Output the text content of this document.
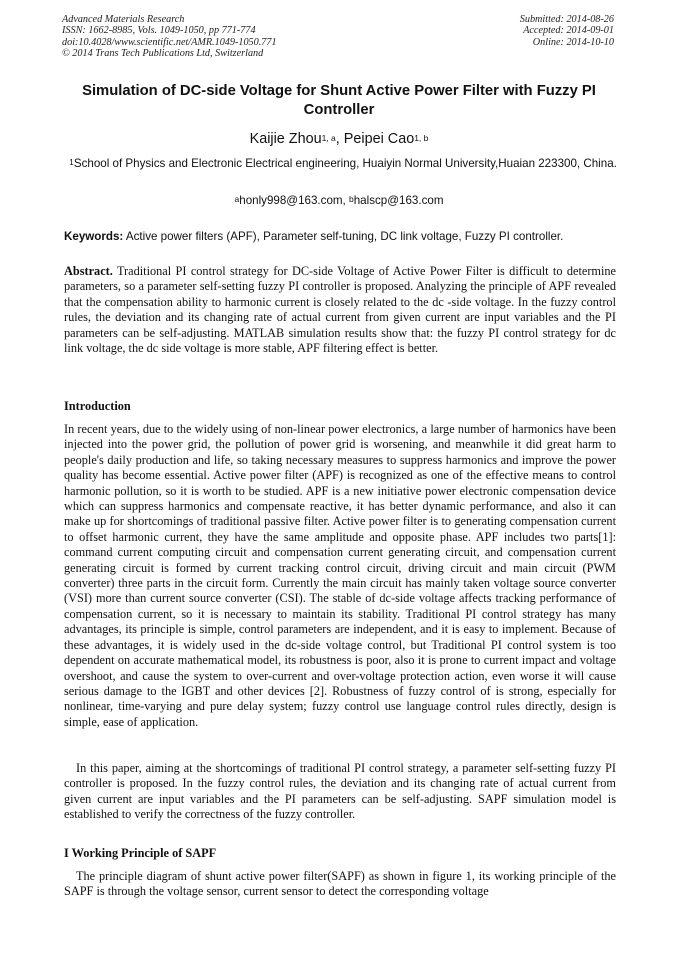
Advanced Materials Research
ISSN: 1662-8985, Vols. 1049-1050, pp 771-774
doi:10.4028/www.scientific.net/AMR.1049-1050.771
© 2014 Trans Tech Publications Ltd, Switzerland
Submitted: 2014-08-26
Accepted: 2014-09-01
Online: 2014-10-10
Simulation of DC-side Voltage for Shunt Active Power Filter with Fuzzy PI Controller
Kaijie Zhou$^{1, a}$, Peipei Cao$^{1, b}$
$^1$School of Physics and Electronic Electrical engineering, Huaiyin Normal University,Huaian 223300, China.
$^a$honly998@163.com, $^b$halscp@163.com
Keywords: Active power filters (APF), Parameter self-tuning, DC link voltage, Fuzzy PI controller.
Abstract. Traditional PI control strategy for DC-side Voltage of Active Power Filter is difficult to determine parameters, so a parameter self-setting fuzzy PI controller is proposed. Analyzing the principle of APF revealed that the compensation ability to harmonic current is closely related to the dc -side voltage. In the fuzzy control rules, the deviation and its changing rate of actual current from given current are input variables and the PI parameters can be self-adjusting. MATLAB simulation results show that: the fuzzy PI control strategy for dc link voltage, the dc side voltage is more stable, APF filtering effect is better.
Introduction

In recent years, due to the widely using of non-linear power electronics, a large number of harmonics have been injected into the power grid, the pollution of power grid is worsening, and meanwhile it did great harm to people's daily production and life, so taking necessary measures to suppress harmonics and improve the power quality has become essential. Active power filter (APF) is recognized as one of the effective means to control harmonic pollution, so it is worth to be studied. APF is a new initiative power electronic compensation device which can suppress harmonics and compensate reactive, it has better dynamic performance, and also it can make up for shortcomings of traditional passive filter. Active power filter is to generating compensation current to offset harmonic current, they have the same amplitude and opposite phase. APF includes two parts[1]: command current computing circuit and compensation current generating circuit, and compensation current generating circuit is formed by current tracking control circuit, driving circuit and main circuit (PWM converter) three parts in the circuit form. Currently the main circuit has mainly taken voltage source converter (VSI) more than current source converter (CSI). The stable of dc-side voltage affects tracking performance of compensation current, so it is necessary to maintain its stability. Traditional PI control strategy has many advantages, its principle is simple, control parameters are independent, and it is easy to implement. Because of these advantages, it is widely used in the dc-side voltage control, but Traditional PI control system is too dependent on accurate mathematical model, its robustness is poor, also it is prone to current impact and voltage overshoot, and cause the system to over-current and over-voltage protection action, even worse it will cause serious damage to the IGBT and other devices [2]. Robustness of fuzzy control of is strong, especially for nonlinear, time-varying and pure delay system; fuzzy control use language control rules directly, design is simple, ease of application.

In this paper, aiming at the shortcomings of traditional PI control strategy, a parameter self-setting fuzzy PI controller is proposed. In the fuzzy control rules, the deviation and its changing rate of actual current from given current are input variables and the PI parameters can be self-adjusting. SAPF simulation model is established to verify the correctness of the fuzzy controller.

I Working Principle of SAPF

The principle diagram of shunt active power filter(SAPF) as shown in figure 1, its working principle of the SAPF is through the voltage sensor, current sensor to detect the corresponding voltage
